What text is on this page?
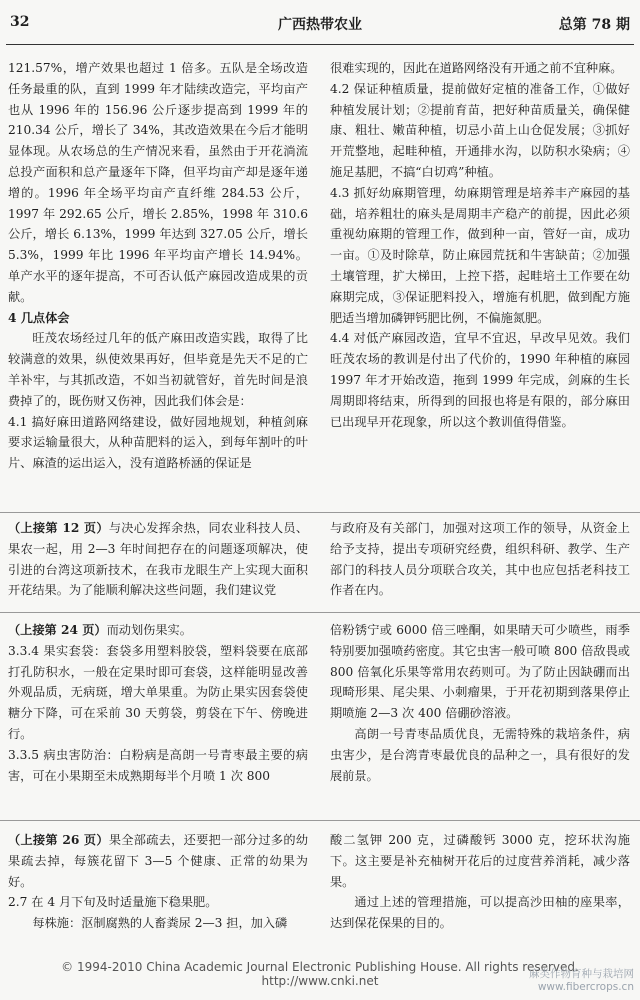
32	广西热带农业	总第 78 期

121.57%，增产效果也超过 1 倍多。五队是全场改造任务最重的队，直到 1999 年才陆续改造完，平均亩产也从 1996 年的 156.96 公斤逐步提高到 1999 年的 210.34 公斤，增长了 34%，其改造效果在今后才能明显体现。从农场总的生产情况来看，虽然由于开花淌流总投产面积和总产量逐年下降，但平均亩产却是逐年递增的。1996 年全场平均亩产直纤维 284.53 公斤，1997 年 292.65 公斤，增长 2.85%，1998 年 310.6 公斤，增长 6.13%，1999 年达到 327.05 公斤，增长 5.3%，1999 年比 1996 年平均亩产增长 14.94%。单产水平的逐年提高，不可否认低产麻园改造成果的贡献。

4 几点体会

旺茂农场经过几年的低产麻田改造实践，取得了比较满意的效果，纵使效果再好，但毕竟是先天不足的亡羊补牢，与其抓改造，不如当初就管好，首先时间是浪费掉了的，既伤财又伤神，因此我们体会是：

4.1 搞好麻田道路网络建设，做好园地规划，种植剑麻要求运输量很大，从种苗肥料的运入，到每年割叶的叶片、麻渣的运出运入，没有道路桥涵的保证是

很难实现的，因此在道路网络没有开通之前不宜种麻。

4.2 保证种植质量，提前做好定植的准备工作，①做好种植发展计划；②提前育苗，把好种苗质量关，确保健康、粗壮、嫩苗种植，切忌小苗上山仓促发展；③抓好开荒整地，起畦种植，开通排水沟，以防积水染病；④施足基肥，不搞“白切鸡”种植。

4.3 抓好幼麻期管理，幼麻期管理是培养丰产麻园的基础，培养粗壮的麻头是周期丰产稳产的前提，因此必须重视幼麻期的管理工作，做到种一亩，管好一亩，成功一亩。①及时除草，防止麻园荒抚和牛害缺苗；②加强土壤管理，扩大梯田，上控下搭，起畦培土工作要在幼麻期完成，③保证肥料投入，增施有机肥，做到配方施肥适当增加磷钾钙肥比例，不偏施氮肥。

4.4 对低产麻园改造，宜早不宜迟，早改早见效。我们旺茂农场的教训是付出了代价的，1990 年种植的麻园 1997 年才开始改造，拖到 1999 年完成，剑麻的生长周期即将结束，所得到的回报也将是有限的，部分麻田已出现早开花现象，所以这个教训值得借鉴。

（上接第 12 页）与决心发挥余热，同农业科技人员、果农一起，用 2—3 年时间把存在的问题逐项解决，使引进的台湾这项新技术，在我市龙眼生产上实现大面积开花结果。为了能顺利解决这些问题，我们建议党

与政府及有关部门，加强对这项工作的领导，从资金上给予支持，提出专项研究经费，组织科研、教学、生产部门的科技人员分项联合攻关，其中也应包括老科技工作者在内。

（上接第 24 页）而动划伤果实。

3.3.4 果实套袋：套袋多用塑料胶袋，塑料袋要在底部打孔防积水，一般在定果时即可套袋，这样能明显改善外观品质，无病斑，增大单果重。为防止果实因套袋使糖分下降，可在采前 30 天剪袋，剪袋在下午、傍晚进行。

3.3.5 病虫害防治：白粉病是高朗一号青枣最主要的病害，可在小果期至未成熟期每半个月喷 1 次 800

倍粉锈宁或 6000 倍三唑酮，如果晴天可少喷些，雨季特别要加强喷药密度。其它虫害一般可喷 800 倍敌畏或 800 倍氧化乐果等常用农药则可。为了防止因缺硼而出现畸形果、尾尖果、小刺瘤果，于开花初期到落果停止期喷施 2—3 次 400 倍硼砂溶液。

高朗一号青枣品质优良，无需特殊的栽培条件，病虫害少，是台湾青枣最优良的品种之一，具有很好的发展前景。

（上接第 26 页）果全部疏去，还要把一部分过多的幼果疏去掉，每簇花留下 3—5 个健康、正常的幼果为好。

2.7 在 4 月下旬及时适量施下稳果肥。

每株施：沤制腐熟的人畜粪尿 2—3 担，加入磷

酸二氢钾 200 克，过磷酸钙 3000 克，挖环状沟施下。这主要是补充柚树开花后的过度营养消耗，减少落果。

通过上述的管理措施，可以提高沙田柚的座果率，达到保花保果的目的。

© 1994-2010 China Academic Journal Electronic Publishing House. All rights reserved. http://www.cnki.net	麻类作物育种与栽培网
www.fibercrops.cn
